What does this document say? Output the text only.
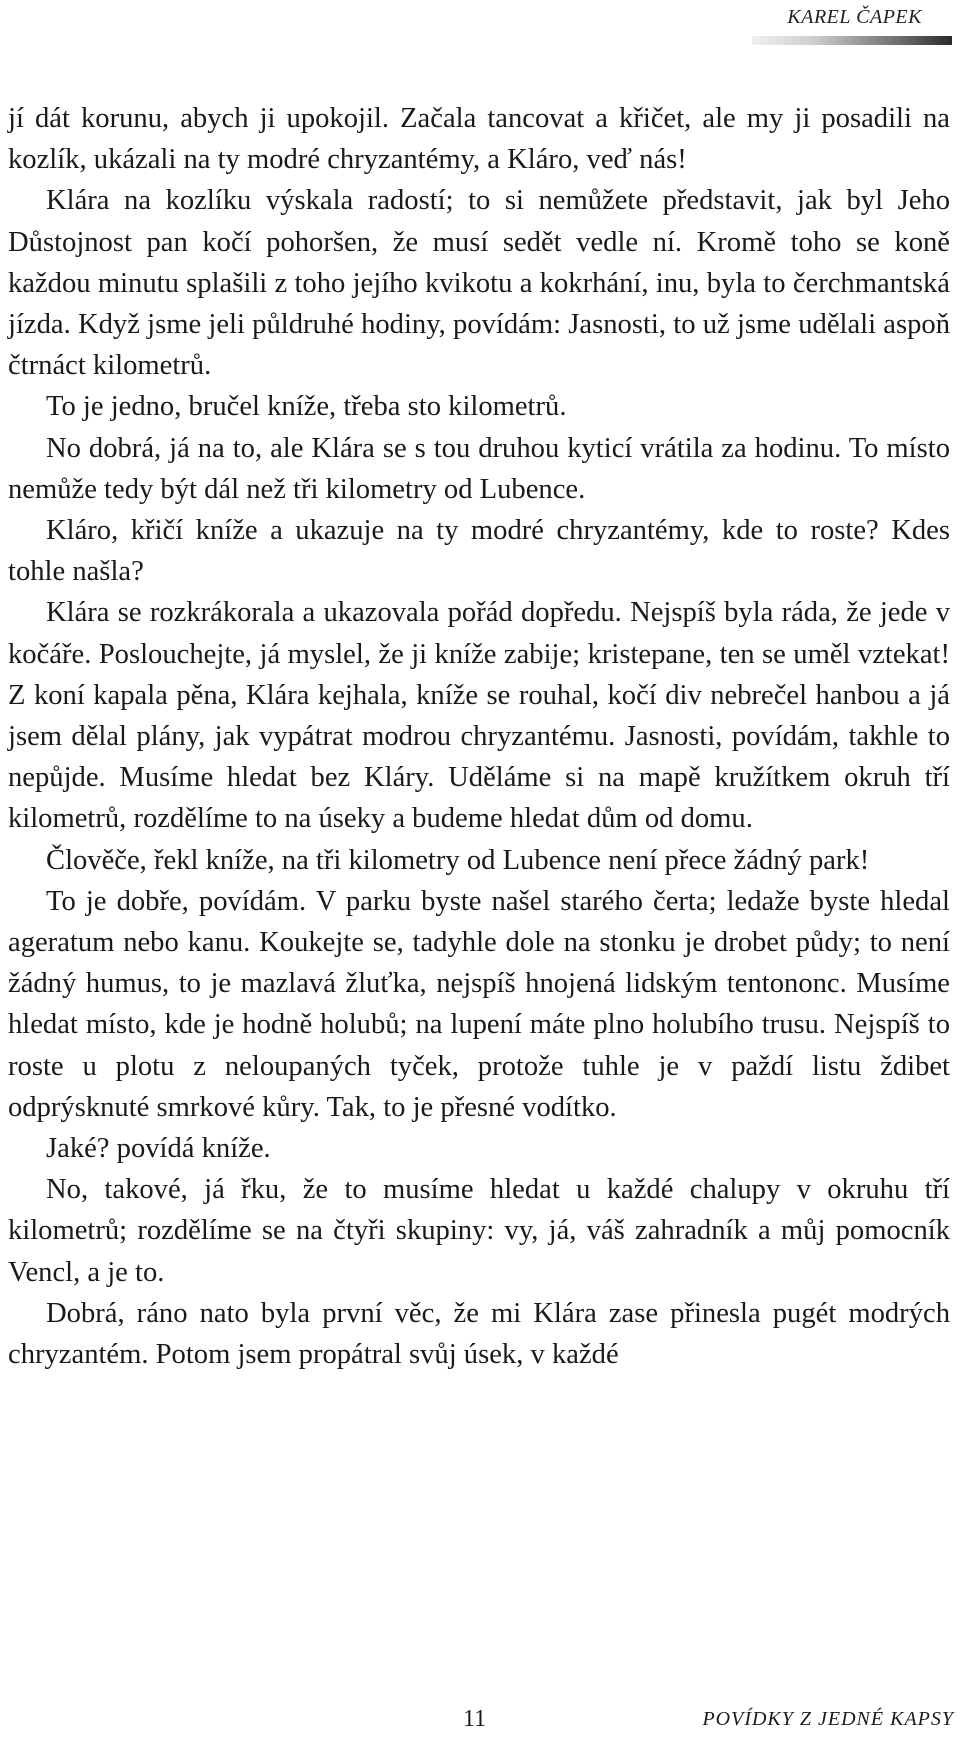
KAREL ČAPEK

jí dát korunu, abych ji upokojil. Začala tancovat a křičet, ale my ji posadili na kozlík, ukázali na ty modré chryzantémy, a Kláro, veď nás!

Klára na kozlíku výskala radostí; to si nemůžete představit, jak byl Jeho Důstojnost pan kočí pohoršen, že musí sedět vedle ní. Kromě toho se koně každou minutu splašili z toho jejího kvikotu a kokrhání, inu, byla to čerchmantská jízda. Když jsme jeli půldruhé hodiny, povídám: Jasnosti, to už jsme udělali aspoň čtrnáct kilometrů.

To je jedno, bručel kníže, třeba sto kilometrů.

No dobrá, já na to, ale Klára se s tou druhou kyticí vrátila za hodinu. To místo nemůže tedy být dál než tři kilometry od Lubence.

Kláro, křičí kníže a ukazuje na ty modré chryzantémy, kde to roste? Kdes tohle našla?

Klára se rozkrákorala a ukazovala pořád dopředu. Nejspíš byla ráda, že jede v kočáře. Poslouchejte, já myslel, že ji kníže zabije; kristepane, ten se uměl vztekat! Z koní kapala pěna, Klára kejhala, kníže se rouhal, kočí div nebrečel hanbou a já jsem dělal plány, jak vypátrat modrou chryzantému. Jasnosti, povídám, takhle to nepůjde. Musíme hledat bez Kláry. Uděláme si na mapě kružítkem okruh tří kilometrů, rozdělíme to na úseky a budeme hledat dům od domu.

Člověče, řekl kníže, na tři kilometry od Lubence není přece žádný park!

To je dobře, povídám. V parku byste našel starého čerta; ledaže byste hledal ageratum nebo kanu. Koukejte se, tadyhle dole na stonku je drobet půdy; to není žádný humus, to je mazlavá žluťka, nejspíš hnojená lidským tentononc. Musíme hledat místo, kde je hodně holubů; na lupení máte plno holubího trusu. Nejspíš to roste u plotu z neloupaných tyček, protože tuhle je v paždí listu ždibet odprýsknuté smrkové kůry. Tak, to je přesné vodítko.

Jaké? povídá kníže.

No, takové, já řku, že to musíme hledat u každé chalupy v okruhu tří kilometrů; rozdělíme se na čtyři skupiny: vy, já, váš zahradník a můj pomocník Vencl, a je to.

Dobrá, ráno nato byla první věc, že mi Klára zase přinesla pugét modrých chryzantém. Potom jsem propátral svůj úsek, v každé

11	POVÍDKY Z JEDNÉ KAPSY
